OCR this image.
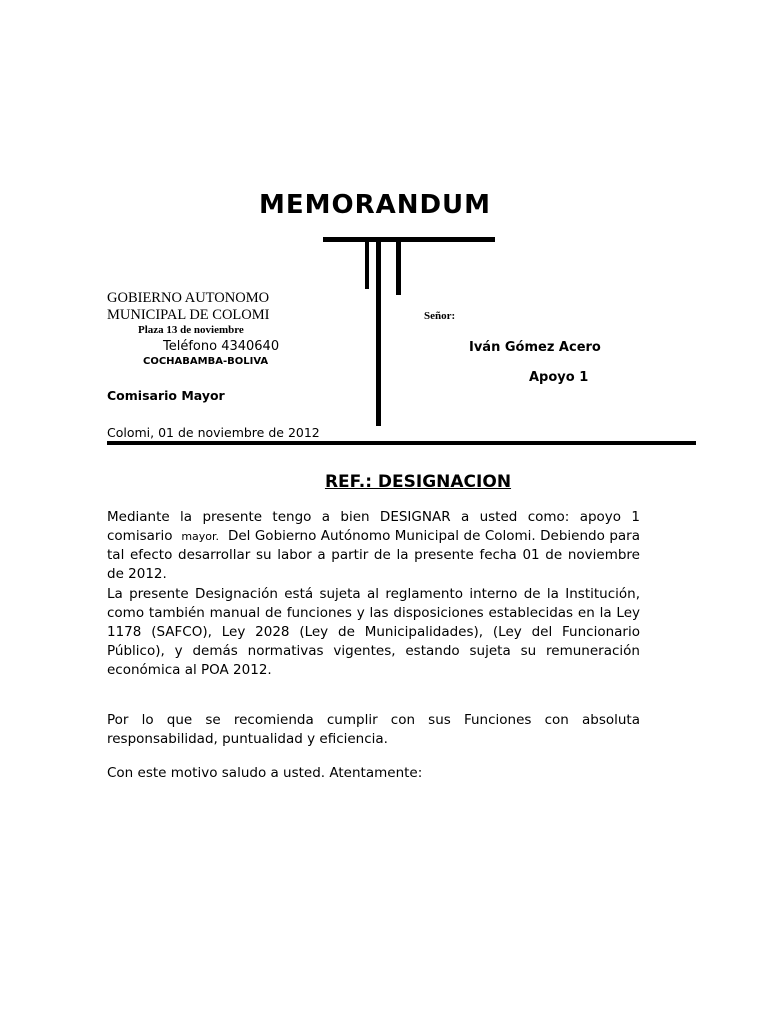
MEMORANDUM
GOBIERNO AUTONOMO
MUNICIPAL DE COLOMI
Plaza 13 de noviembre
Teléfono 4340640
COCHABAMBA-BOLIVA
Comisario Mayor
Colomi, 01 de noviembre de 2012
Señor:
Iván Gómez Acero
Apoyo 1
REF.: DESIGNACION

Mediante la presente tengo a bien DESIGNAR a usted como: apoyo 1 comisario mayor. Del Gobierno Autónomo Municipal de Colomi. Debiendo para tal efecto desarrollar su labor a partir de la presente fecha 01 de noviembre de 2012.

La presente Designación está sujeta al reglamento interno de la Institución, como también manual de funciones y las disposiciones establecidas en la Ley 1178 (SAFCO), Ley 2028 (Ley de Municipalidades), (Ley del Funcionario Público), y demás normativas vigentes, estando sujeta su remuneración económica al POA 2012.

Por lo que se recomienda cumplir con sus Funciones con absoluta responsabilidad, puntualidad y eficiencia.

Con este motivo saludo a usted. Atentamente:
